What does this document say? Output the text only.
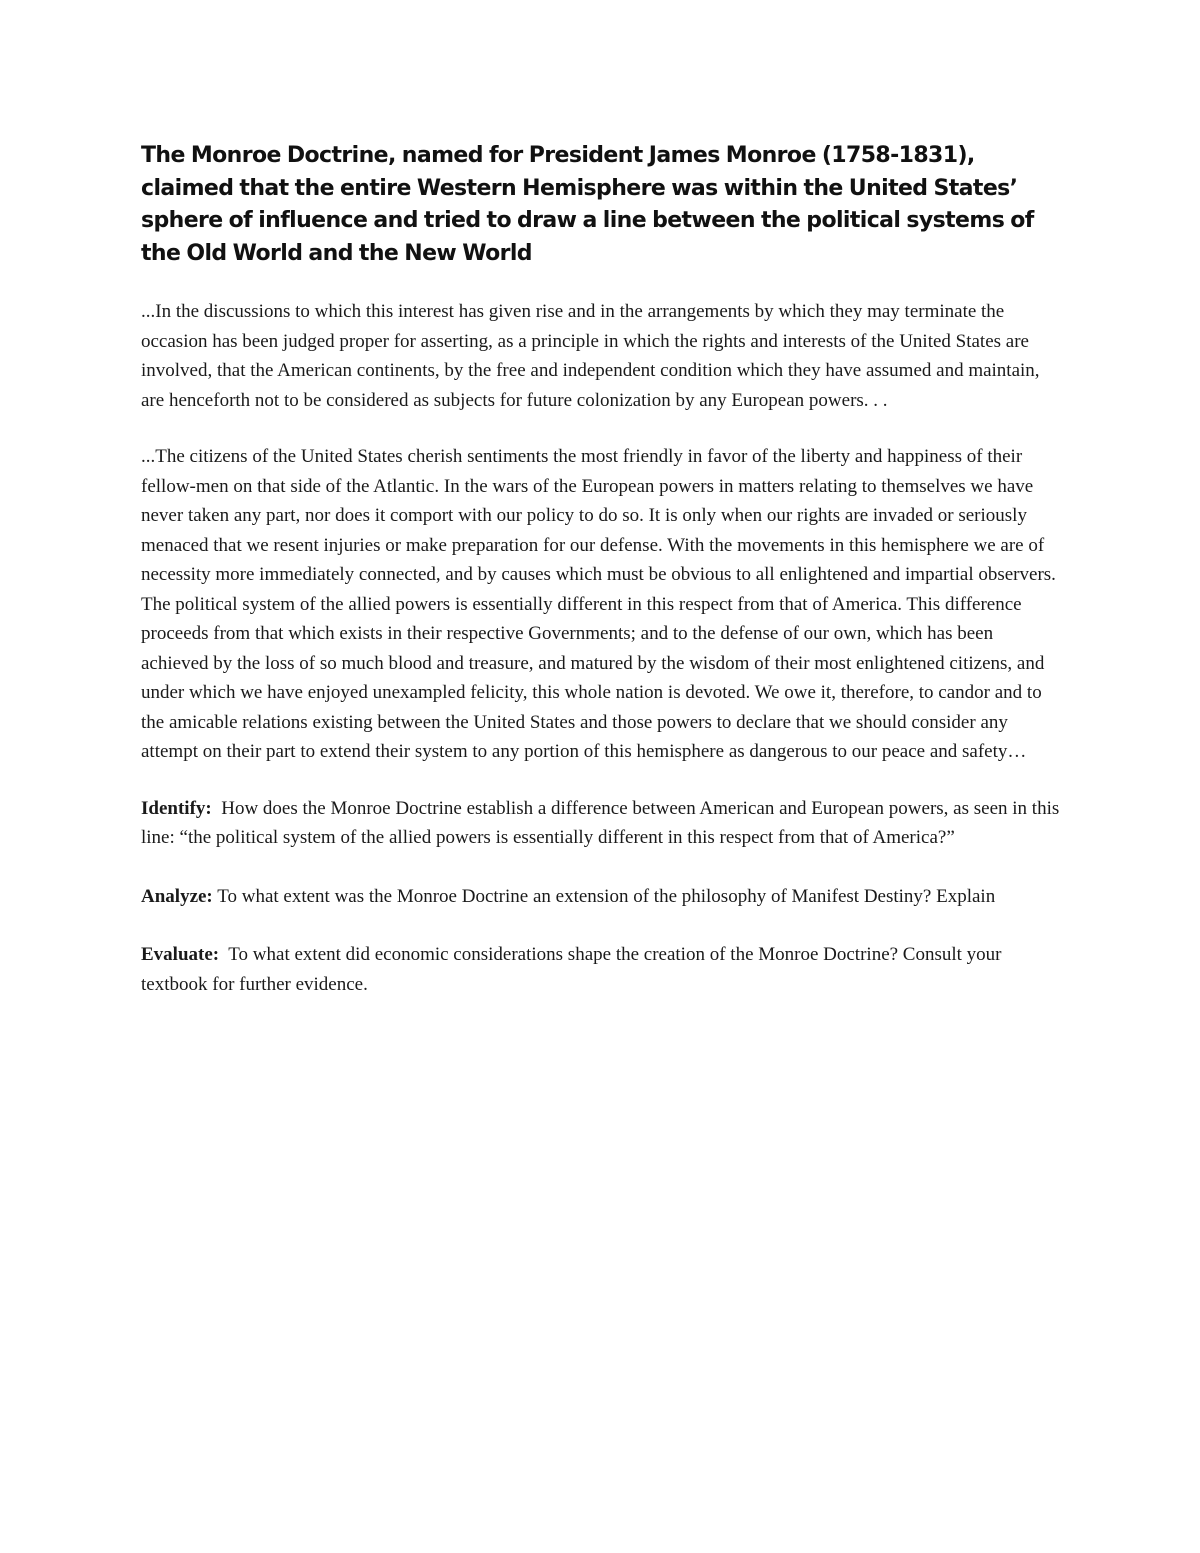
The Monroe Doctrine, named for President James Monroe (1758-1831), claimed that the entire Western Hemisphere was within the United States’ sphere of influence and tried to draw a line between the political systems of the Old World and the New World

...In the discussions to which this interest has given rise and in the arrangements by which they may terminate the occasion has been judged proper for asserting, as a principle in which the rights and interests of the United States are involved, that the American continents, by the free and independent condition which they have assumed and maintain, are henceforth not to be considered as subjects for future colonization by any European powers. . .

...The citizens of the United States cherish sentiments the most friendly in favor of the liberty and happiness of their fellow-men on that side of the Atlantic. In the wars of the European powers in matters relating to themselves we have never taken any part, nor does it comport with our policy to do so. It is only when our rights are invaded or seriously menaced that we resent injuries or make preparation for our defense. With the movements in this hemisphere we are of necessity more immediately connected, and by causes which must be obvious to all enlightened and impartial observers. The political system of the allied powers is essentially different in this respect from that of America. This difference proceeds from that which exists in their respective Governments; and to the defense of our own, which has been achieved by the loss of so much blood and treasure, and matured by the wisdom of their most enlightened citizens, and under which we have enjoyed unexampled felicity, this whole nation is devoted. We owe it, therefore, to candor and to the amicable relations existing between the United States and those powers to declare that we should consider any attempt on their part to extend their system to any portion of this hemisphere as dangerous to our peace and safety…

Identify: How does the Monroe Doctrine establish a difference between American and European powers, as seen in this line: “the political system of the allied powers is essentially different in this respect from that of America?”

Analyze: To what extent was the Monroe Doctrine an extension of the philosophy of Manifest Destiny? Explain

Evaluate: To what extent did economic considerations shape the creation of the Monroe Doctrine? Consult your textbook for further evidence.
